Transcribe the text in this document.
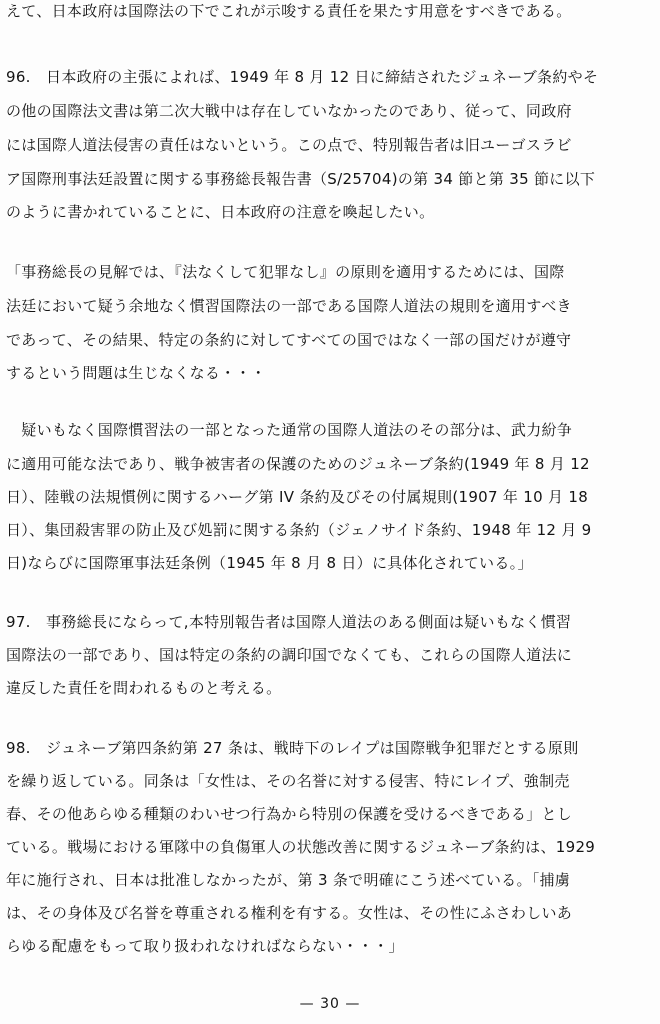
えて、日本政府は国際法の下でこれが示唆する責任を果たす用意をすべきである。
96.　日本政府の主張によれば、1949 年 8 月 12 日に締結されたジュネーブ条約やそ
の他の国際法文書は第二次大戦中は存在していなかったのであり、従って、同政府
には国際人道法侵害の責任はないという。この点で、特別報告者は旧ユーゴスラビ
ア国際刑事法廷設置に関する事務総長報告書（S/25704)の第 34 節と第 35 節に以下
のように書かれていることに、日本政府の注意を喚起したい。
「事務総長の見解では、『法なくして犯罪なし』の原則を適用するためには、国際
法廷において疑う余地なく慣習国際法の一部である国際人道法の規則を適用すべき
であって、その結果、特定の条約に対してすべての国ではなく一部の国だけが遵守
するという問題は生じなくなる・・・
　疑いもなく国際慣習法の一部となった通常の国際人道法のその部分は、武力紛争
に適用可能な法であり、戦争被害者の保護のためのジュネーブ条約(1949 年 8 月 12
日）、陸戦の法規慣例に関するハーグ第 IV 条約及びその付属規則(1907 年 10 月 18
日）、集団殺害罪の防止及び処罰に関する条約（ジェノサイド条約、1948 年 12 月 9
日)ならびに国際軍事法廷条例（1945 年 8 月 8 日）に具体化されている。」
97.　事務総長にならって,本特別報告者は国際人道法のある側面は疑いもなく慣習
国際法の一部であり、国は特定の条約の調印国でなくても、これらの国際人道法に
違反した責任を問われるものと考える。
98.　ジュネーブ第四条約第 27 条は、戦時下のレイプは国際戦争犯罪だとする原則
を繰り返している。同条は「女性は、その名誉に対する侵害、特にレイプ、強制売
春、その他あらゆる種類のわいせつ行為から特別の保護を受けるべきである」とし
ている。戦場における軍隊中の負傷軍人の状態改善に関するジュネーブ条約は、1929
年に施行され、日本は批准しなかったが、第 3 条で明確にこう述べている。「捕虜
は、その身体及び名誉を尊重される権利を有する。女性は、その性にふさわしいあ
らゆる配慮をもって取り扱われなければならない・・・」
— 30 —
